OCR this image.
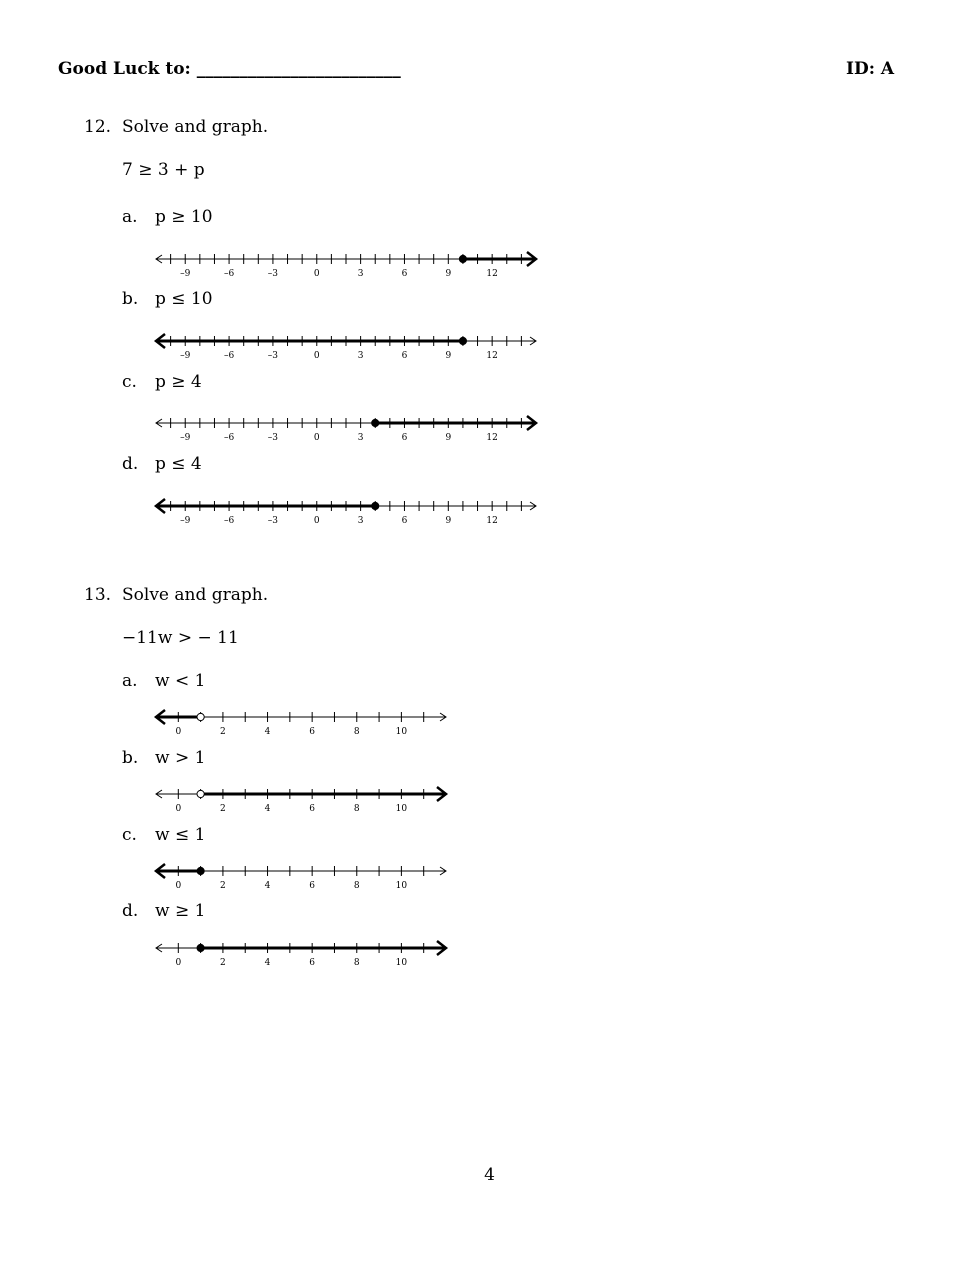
Good Luck to: ________________________	ID: A
12. Solve and graph.
7 ≥ 3 + p
a. p ≥ 10
–9	–6	–3	0	3	6	9	12
b. p ≤ 10
–9	–6	–3	0	3	6	9	12
c. p ≥ 4
–9	–6	–3	0	3	6	9	12
d. p ≤ 4
–9	–6	–3	0	3	6	9	12
13. Solve and graph.
−11w > − 11
a. w < 1
0	2	4	6	8	10
b. w > 1
0	2	4	6	8	10
c. w ≤ 1
0	2	4	6	8	10
d. w ≥ 1
0	2	4	6	8	10
4
